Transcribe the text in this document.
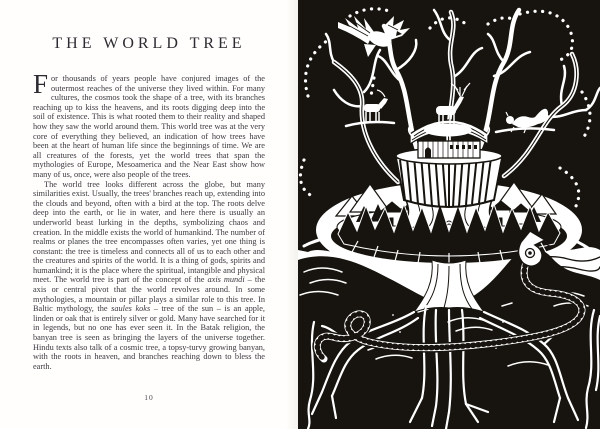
THE WORLD TREE

For thousands of years people have conjured images of the outermost reaches of the universe they lived within. For many cultures, the cosmos took the shape of a tree, with its branches reaching up to kiss the heavens, and its roots digging deep into the soil of existence. This is what rooted them to their reality and shaped how they saw the world around them. This world tree was at the very core of everything they believed, an indication of how trees have been at the heart of human life since the beginnings of time. We are all creatures of the forests, yet the world trees that span the mythologies of Europe, Mesoamerica and the Near East show how many of us, once, were also people of the trees.

The world tree looks different across the globe, but many similarities exist. Usually, the trees' branches reach up, extending into the clouds and beyond, often with a bird at the top. The roots delve deep into the earth, or lie in water, and here there is usually an underworld beast lurking in the depths, symbolizing chaos and creation. In the middle exists the world of humankind. The number of realms or planes the tree encompasses often varies, yet one thing is constant: the tree is timeless and connects all of us to each other and the creatures and spirits of the world. It is a thing of gods, spirits and humankind; it is the place where the spiritual, intangible and physical meet. The world tree is part of the concept of the axis mundi – the axis or central pivot that the world revolves around. In some mythologies, a mountain or pillar plays a similar role to this tree. In Baltic mythology, the saules koks – tree of the sun – is an apple, linden or oak that is entirely silver or gold. Many have searched for it in legends, but no one has ever seen it. In the Batak religion, the banyan tree is seen as bringing the layers of the universe together. Hindu texts also talk of a cosmic tree, a topsy-turvy growing banyan, with the roots in heaven, and branches reaching down to bless the earth.

10
